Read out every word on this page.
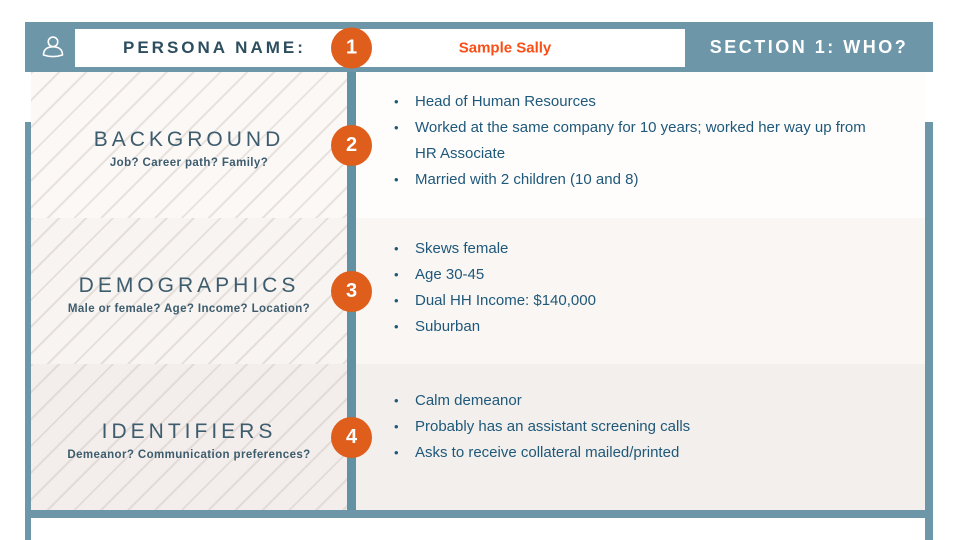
PERSONA NAME:	1	Sample Sally	SECTION 1: WHO?
BACKGROUND
Job? Career path? Family?
2
• Head of Human Resources
• Worked at the same company for 10 years; worked her way up from HR Associate
• Married with 2 children (10 and 8)
DEMOGRAPHICS
Male or female? Age? Income? Location?
3
• Skews female
• Age 30-45
• Dual HH Income: $140,000
• Suburban
IDENTIFIERS
Demeanor? Communication preferences?
4
• Calm demeanor
• Probably has an assistant screening calls
• Asks to receive collateral mailed/printed
